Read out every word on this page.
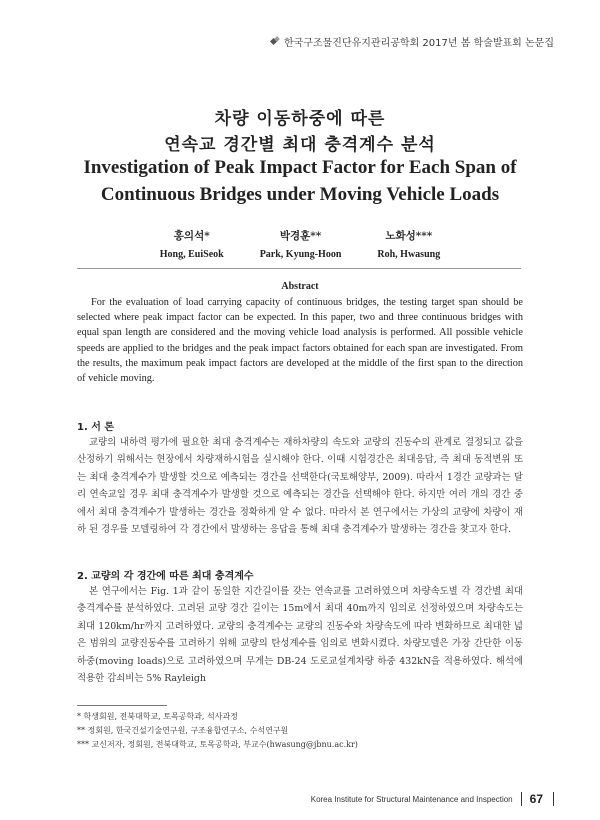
한국구조물진단유지관리공학회 2017년 봄 학술발표회 논문집
차량 이동하중에 따른
연속교 경간별 최대 충격계수 분석
Investigation of Peak Impact Factor for Each Span of
Continuous Bridges under Moving Vehicle Loads
홍의석*
Hong, EuiSeok
박경훈**
Park, Kyung-Hoon
노화성***
Roh, Hwasung
Abstract

For the evaluation of load carrying capacity of continuous bridges, the testing target span should be selected where peak impact factor can be expected. In this paper, two and three continuous bridges with equal span length are considered and the moving vehicle load analysis is performed. All possible vehicle speeds are applied to the bridges and the peak impact factors obtained for each span are investigated. From the results, the maximum peak impact factors are developed at the middle of the first span to the direction of vehicle moving.

1. 서 론

교량의 내하력 평가에 필요한 최대 충격계수는 재하차량의 속도와 교량의 진동수의 관계로 결정되고 값을 산정하기 위해서는 현장에서 차량재하시험을 실시해야 한다. 이때 시험경간은 최대응답, 즉 최대 동적변위 또는 최대 충격계수가 발생할 것으로 예측되는 경간을 선택한다(국토해양부, 2009). 따라서 1경간 교량과는 달리 연속교일 경우 최대 충격계수가 발생할 것으로 예측되는 경간을 선택해야 한다. 하지만 여러 개의 경간 중에서 최대 충격계수가 발생하는 경간을 정확하게 알 수 없다. 따라서 본 연구에서는 가상의 교량에 차량이 재하 된 경우를 모델링하여 각 경간에서 발생하는 응답을 통해 최대 충격계수가 발생하는 경간을 찾고자 한다.

2. 교량의 각 경간에 따른 최대 충격계수

본 연구에서는 Fig. 1과 같이 동일한 지간길이를 갖는 연속교를 고려하였으며 차량속도별 각 경간별 최대 충격계수를 분석하였다. 고려된 교량 경간 길이는 15m에서 최대 40m까지 임의로 선정하였으며 차량속도는 최대 120km/hr까지 고려하였다. 교량의 충격계수는 교량의 진동수와 차량속도에 따라 변화하므로 최대한 넓은 범위의 교량진동수를 고려하기 위해 교량의 탄성계수를 임의로 변화시켰다. 차량모델은 가장 간단한 이동하중(moving loads)으로 고려하였으며 무게는 DB-24 도로교설계차량 하중 432kN을 적용하였다. 해석에 적용한 감쇠비는 5% Rayleigh

* 학생회원, 전북대학교, 토목공학과, 석사과정
** 정회원, 한국건설기술연구원, 구조융합연구소, 수석연구원
*** 교신저자, 정회원, 전북대학교, 토목공학과, 부교수(hwasung@jbnu.ac.kr)
Korea Institute for Structural Maintenance and Inspection 67
